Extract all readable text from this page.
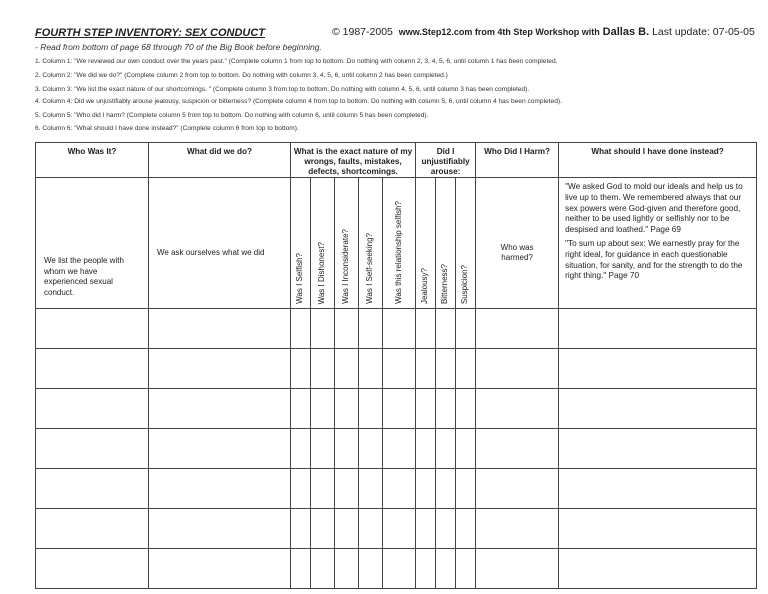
FOURTH STEP INVENTORY: SEX CONDUCT	© 1987-2005 www.Step12.com from 4th Step Workshop with Dallas B. Last update: 07-05-05
- Read from bottom of page 68 through 70 of the Big Book before beginning.
1. Column 1: "We reviewed our own conduct over the years past." (Complete column 1 from top to bottom. Do nothing with column 2, 3, 4, 5, 6, until column 1 has been completed.
2. Column 2: "We did we do?" (Complete column 2 from top to bottom. Do nothing with column 3, 4, 5, 6, until column 2 has been completed.)
3. Column 3: "We list the exact nature of our shortcomings. " (Complete column 3 from top to bottom. Do nothing with column 4, 5, 6, until column 3 has been completed).
4. Column 4: Did we unjustifiably arouse jealousy, suspicion or bitterness? (Complete column 4 from top to bottom. Do nothing with column 5, 6, until column 4 has been completed).
5. Column 5: "Who did I harm? (Complete column 5 from top to bottom. Do nothing with column 6, until column 5 has been completed).
6. Column 6: "What should I have done instead?" (Complete column 6 from top to bottom).
Who Was It?	What did we do?	What is the exact nature of my wrongs, faults, mistakes, defects, shortcomings.					Did I unjustifiably arouse:			Who Did I Harm?	What should I have done instead?
We list the people with whom we have experienced sexual conduct.	We ask ourselves what we did	Was I Selfish?	Was I Dishonest?	Was I Inconsiderate?	Was I Self-seeking?	Was this relationship selfish?	Jealousy?	Bitterness?	Suspicion?	Who was harmed?	"We asked God to mold our ideals and help us to live up to them. We remembered always that our sex powers were God-given and therefore good, neither to be used lightly or selfishly nor to be despised and loathed." Page 69
"To sum up about sex: We earnestly pray for the right ideal, for guidance in each questionable situation, for sanity, and for the strength to do the right thing." Page 70
